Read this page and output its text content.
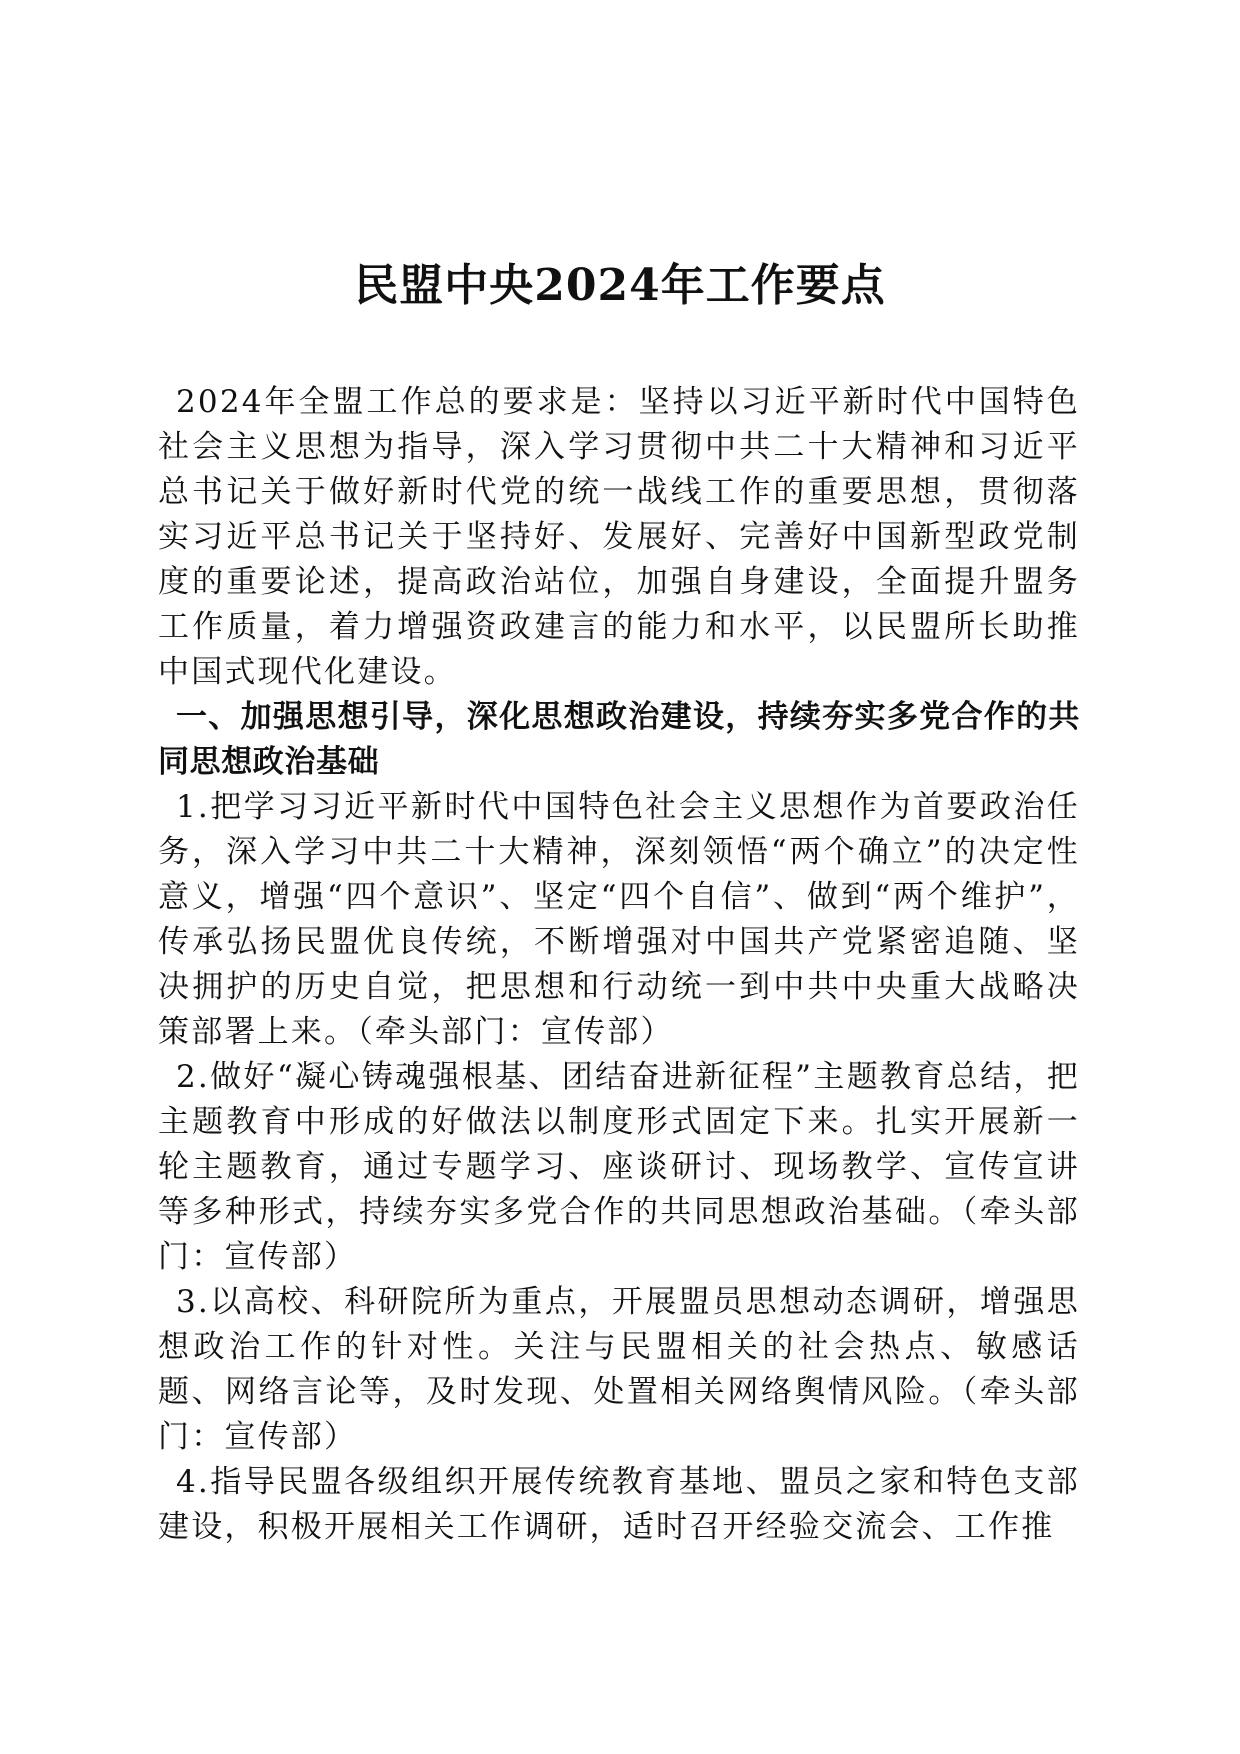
民盟中央2024年工作要点

2024年全盟工作总的要求是：坚持以习近平新时代中国特色社会主义思想为指导，深入学习贯彻中共二十大精神和习近平总书记关于做好新时代党的统一战线工作的重要思想，贯彻落实习近平总书记关于坚持好、发展好、完善好中国新型政党制度的重要论述，提高政治站位，加强自身建设，全面提升盟务工作质量，着力增强资政建言的能力和水平，以民盟所长助推中国式现代化建设。

一、加强思想引导，深化思想政治建设，持续夯实多党合作的共同思想政治基础

1.把学习习近平新时代中国特色社会主义思想作为首要政治任务，深入学习中共二十大精神，深刻领悟“两个确立”的决定性意义，增强“四个意识”、坚定“四个自信”、做到“两个维护”，传承弘扬民盟优良传统，不断增强对中国共产党紧密追随、坚决拥护的历史自觉，把思想和行动统一到中共中央重大战略决策部署上来。（牵头部门：宣传部）

2.做好“凝心铸魂强根基、团结奋进新征程”主题教育总结，把主题教育中形成的好做法以制度形式固定下来。扎实开展新一轮主题教育，通过专题学习、座谈研讨、现场教学、宣传宣讲等多种形式，持续夯实多党合作的共同思想政治基础。（牵头部门：宣传部）

3.以高校、科研院所为重点，开展盟员思想动态调研，增强思想政治工作的针对性。关注与民盟相关的社会热点、敏感话题、网络言论等，及时发现、处置相关网络舆情风险。（牵头部门：宣传部）

4.指导民盟各级组织开展传统教育基地、盟员之家和特色支部建设，积极开展相关工作调研，适时召开经验交流会、工作推
